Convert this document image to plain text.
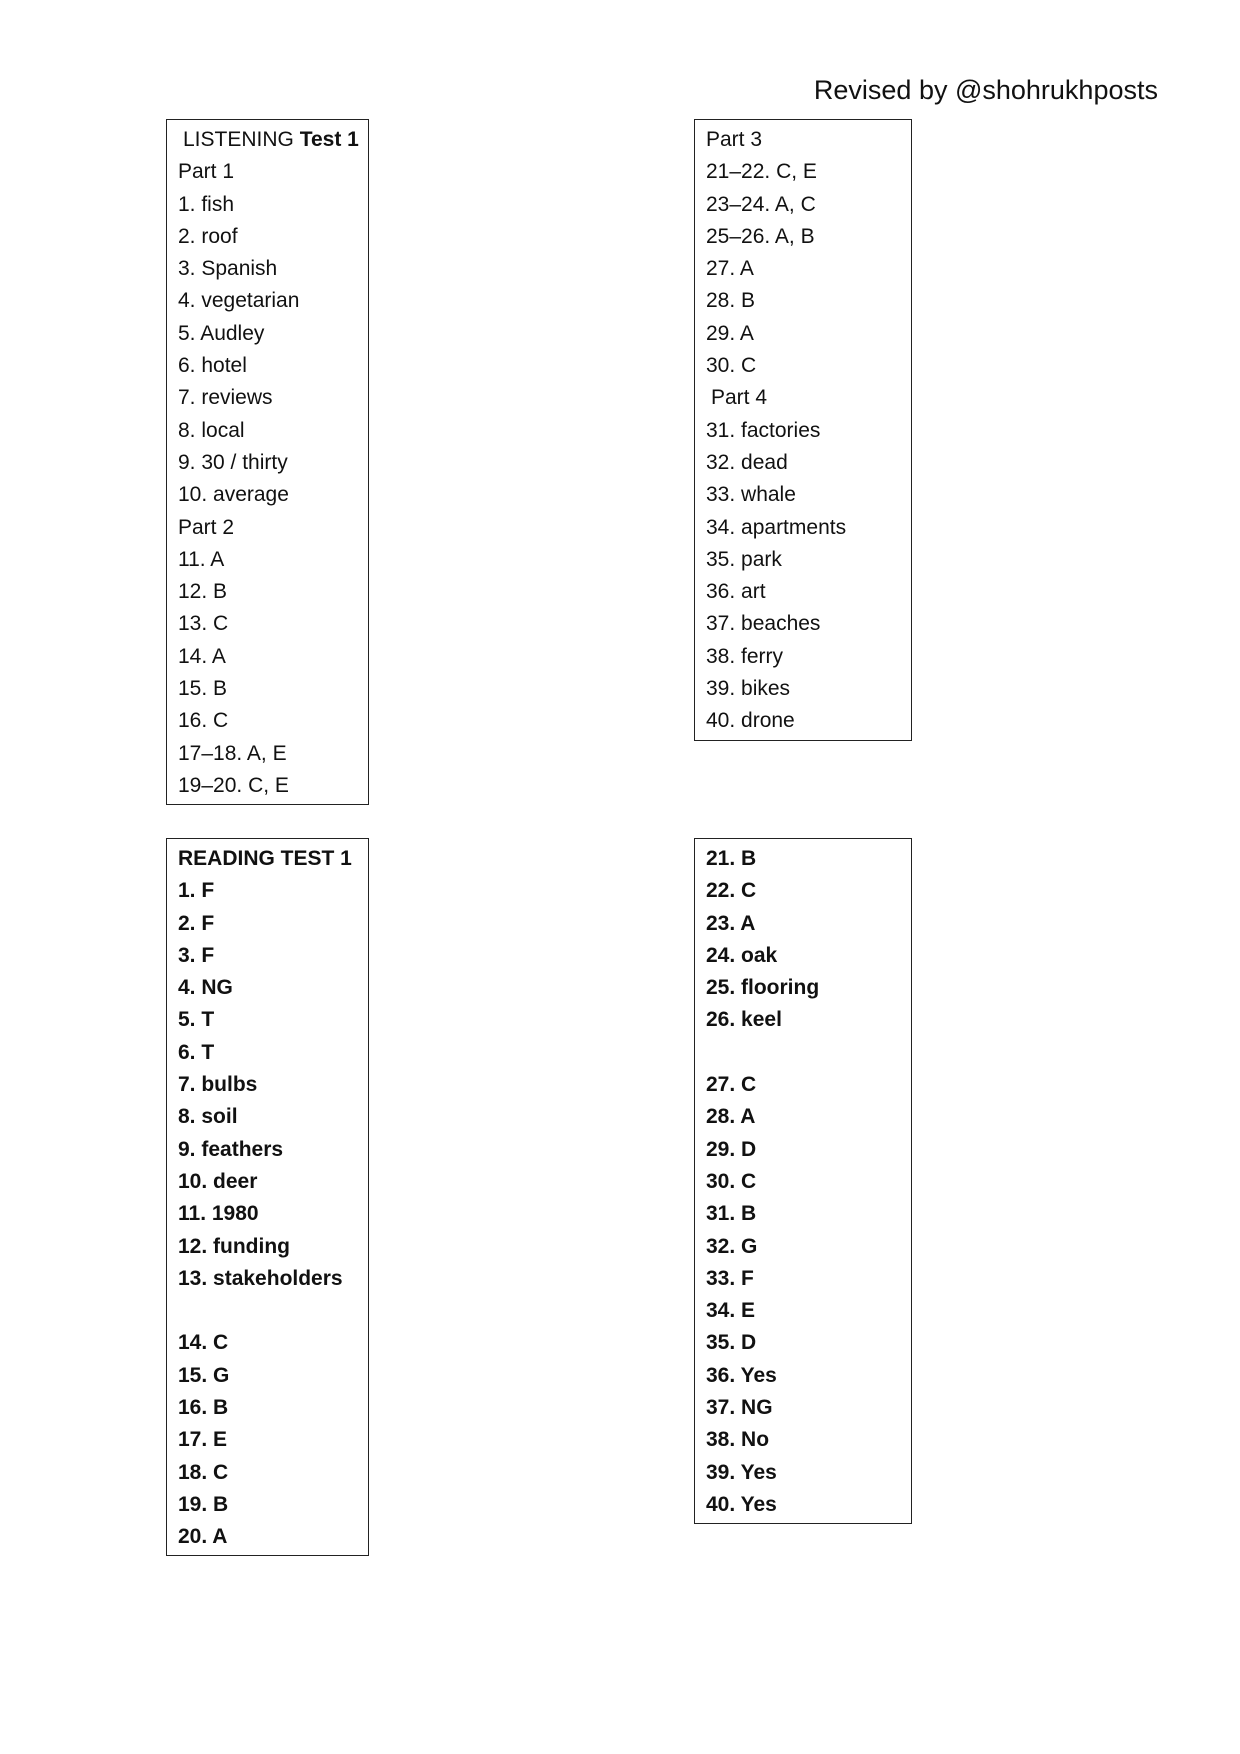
Revised by @shohrukhposts
LISTENING Test 1
Part 1
1. fish
2. roof
3. Spanish
4. vegetarian
5. Audley
6. hotel
7. reviews
8. local
9. 30 / thirty
10. average
Part 2
11. A
12. B
13. C
14. A
15. B
16. C
17–18. A, E
19–20. C, E
Part 3
21–22. C, E
23–24. A, C
25–26. A, B
27. A
28. B
29. A
30. C
Part 4
31. factories
32. dead
33. whale
34. apartments
35. park
36. art
37. beaches
38. ferry
39. bikes
40. drone
READING TEST 1
1. F
2. F
3. F
4. NG
5. T
6. T
7. bulbs
8. soil
9. feathers
10. deer
11. 1980
12. funding
13. stakeholders
14. C
15. G
16. B
17. E
18. C
19. B
20. A
21. B
22. C
23. A
24. oak
25. flooring
26. keel
27. C
28. A
29. D
30. C
31. B
32. G
33. F
34. E
35. D
36. Yes
37. NG
38. No
39. Yes
40. Yes
